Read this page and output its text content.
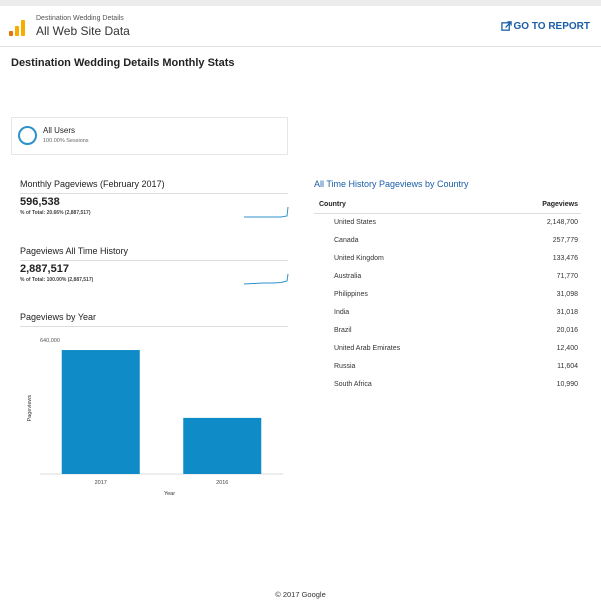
Destination Wedding Details
All Web Site Data	GO TO REPORT
Destination Wedding Details Monthly Stats
All Users
100.00% Sessions
Monthly Pageviews (February 2017)
596,538
% of Total: 20.66% (2,887,517)
Pageviews All Time History
2,887,517
% of Total: 100.00% (2,887,517)
Pageviews by Year
640,000
Pageviews
2017	2016
Year
All Time History Pageviews by Country
Country	Pageviews
United States	2,148,700
Canada	257,779
United Kingdom	133,476
Australia	71,770
Philippines	31,098
India	31,018
Brazil	20,016
United Arab Emirates	12,400
Russia	11,604
South Africa	10,990
© 2017 Google
